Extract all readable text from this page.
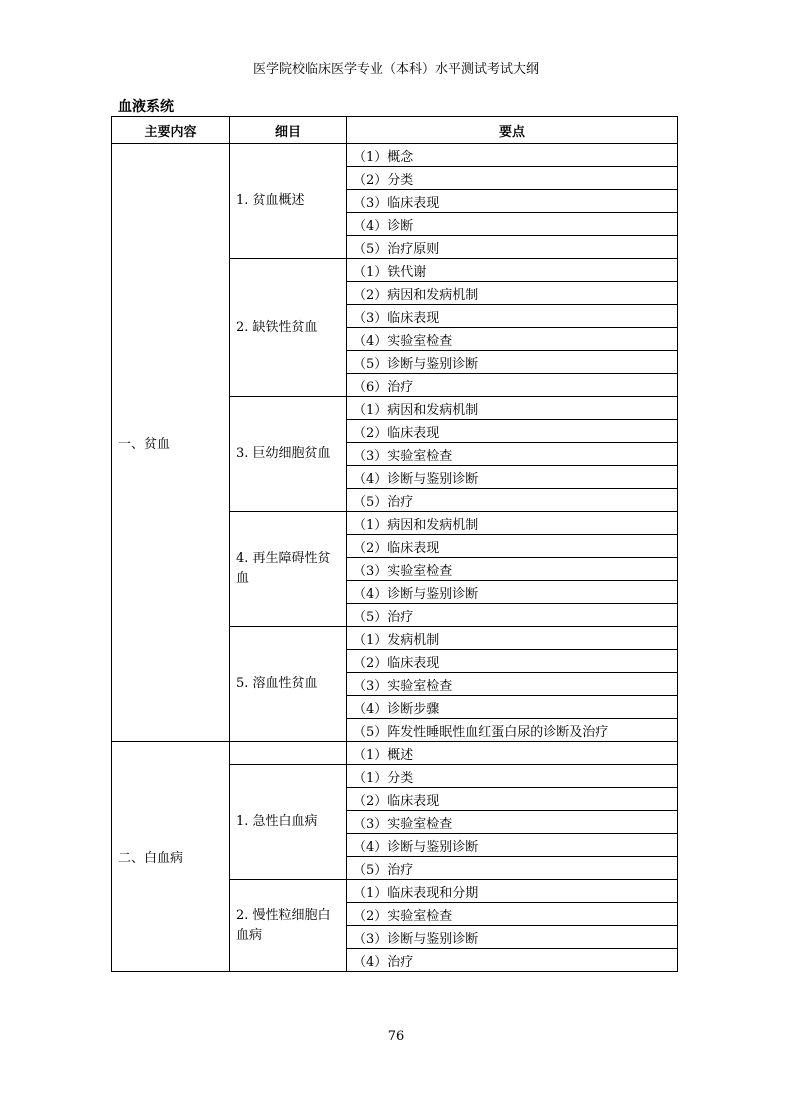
医学院校临床医学专业（本科）水平测试考试大纲
血液系统
主要内容	细目	要点
一、贫血	1. 贫血概述	（1）概念
		（2）分类
		（3）临床表现
		（4）诊断
		（5）治疗原则
	2. 缺铁性贫血	（1）铁代谢
		（2）病因和发病机制
		（3）临床表现
		（4）实验室检查
		（5）诊断与鉴别诊断
		（6）治疗
	3. 巨幼细胞贫血	（1）病因和发病机制
		（2）临床表现
		（3）实验室检查
		（4）诊断与鉴别诊断
		（5）治疗
	4. 再生障碍性贫血	（1）病因和发病机制
		（2）临床表现
		（3）实验室检查
		（4）诊断与鉴别诊断
		（5）治疗
	5. 溶血性贫血	（1）发病机制
		（2）临床表现
		（3）实验室检查
		（4）诊断步骤
		（5）阵发性睡眠性血红蛋白尿的诊断及治疗
二、白血病		（1）概述
	1. 急性白血病	（1）分类
		（2）临床表现
		（3）实验室检查
		（4）诊断与鉴别诊断
		（5）治疗
	2. 慢性粒细胞白血病	（1）临床表现和分期
		（2）实验室检查
		（3）诊断与鉴别诊断
		（4）治疗
76
